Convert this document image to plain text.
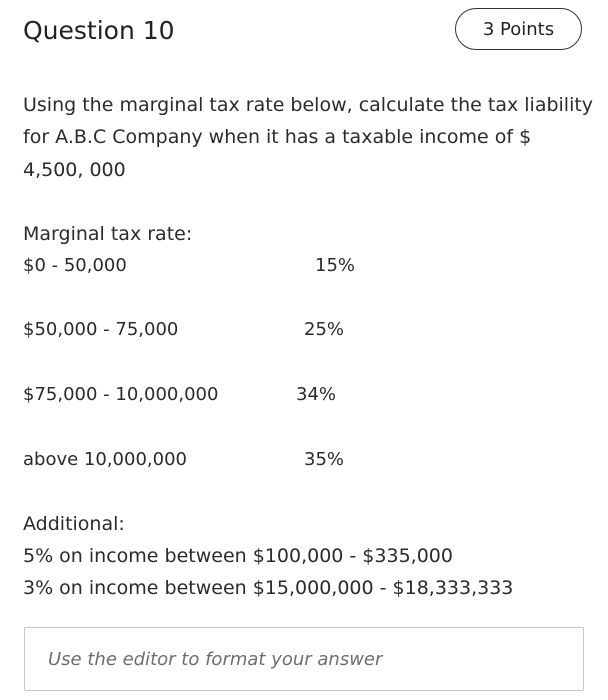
Question 10	3 Points
Using the marginal tax rate below, calculate the tax liability
for A.B.C Company when it has a taxable income of $
4,500, 000
Marginal tax rate:
$0 - 50,000	15%
$50,000 - 75,000	25%
$75,000 - 10,000,000	34%
above 10,000,000	35%
Additional:
5% on income between $100,000 - $335,000
3% on income between $15,000,000 - $18,333,333
Use the editor to format your answer
